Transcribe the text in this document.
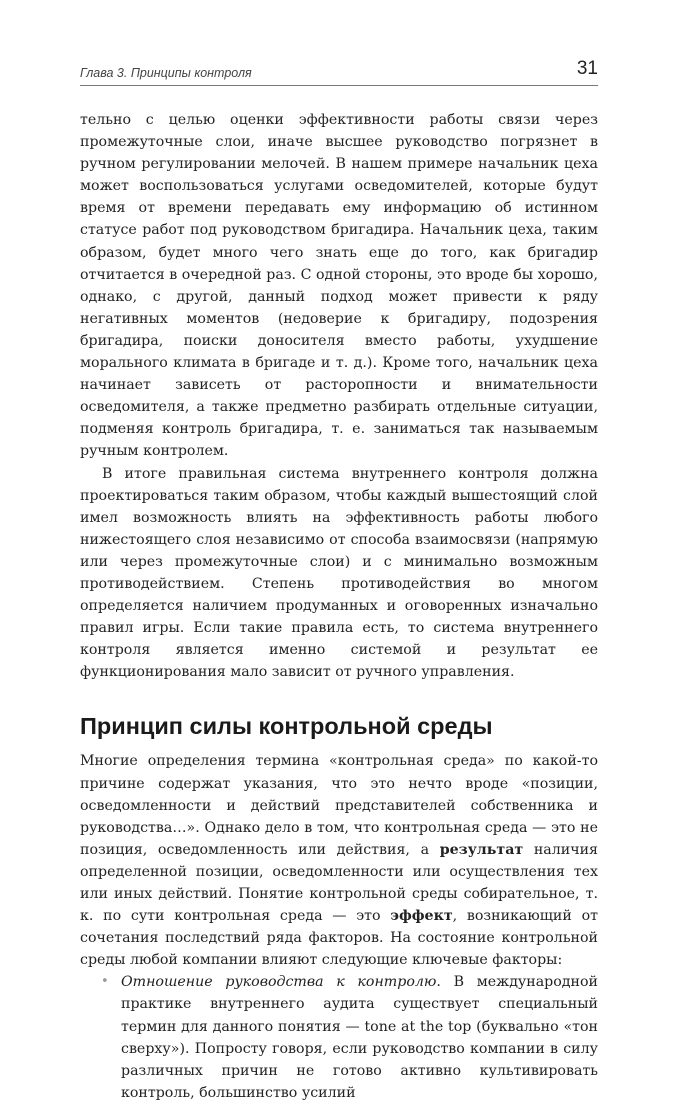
Глава 3. Принципы контроля	31

тельно с целью оценки эффективности работы связи через промежуточные слои, иначе высшее руководство погрязнет в ручном регулировании мелочей. В нашем примере начальник цеха может воспользоваться услугами осведомителей, которые будут время от времени передавать ему информацию об истинном статусе работ под руководством бригадира. Начальник цеха, таким образом, будет много чего знать еще до того, как бригадир отчитается в очередной раз. С одной стороны, это вроде бы хорошо, однако, с другой, данный подход может привести к ряду негативных моментов (недоверие к бригадиру, подозрения бригадира, поиски доносителя вместо работы, ухудшение морального климата в бригаде и т. д.). Кроме того, начальник цеха начинает зависеть от расторопности и внимательности осведомителя, а также предметно разбирать отдельные ситуации, подменяя контроль бригадира, т. е. заниматься так называемым ручным контролем.

В итоге правильная система внутреннего контроля должна проектироваться таким образом, чтобы каждый вышестоящий слой имел возможность влиять на эффективность работы любого нижестоящего слоя независимо от способа взаимосвязи (напрямую или через промежуточные слои) и с минимально возможным противодействием. Степень противодействия во многом определяется наличием продуманных и оговоренных изначально правил игры. Если такие правила есть, то система внутреннего контроля является именно системой и результат ее функционирования мало зависит от ручного управления.

Принцип силы контрольной среды

Многие определения термина «контрольная среда» по какой-то причине содержат указания, что это нечто вроде «позиции, осведомленности и действий представителей собственника и руководства…». Однако дело в том, что контрольная среда — это не позиция, осведомленность или действия, а результат наличия определенной позиции, осведомленности или осуществления тех или иных действий. Понятие контрольной среды собирательное, т. к. по сути контрольная среда — это эффект, возникающий от сочетания последствий ряда факторов. На состояние контрольной среды любой компании влияют следующие ключевые факторы:

• Отношение руководства к контролю. В международной практике внутреннего аудита существует специальный термин для данного понятия — tone at the top (буквально «тон сверху»). Попросту говоря, если руководство компании в силу различных причин не готово активно культивировать контроль, большинство усилий
